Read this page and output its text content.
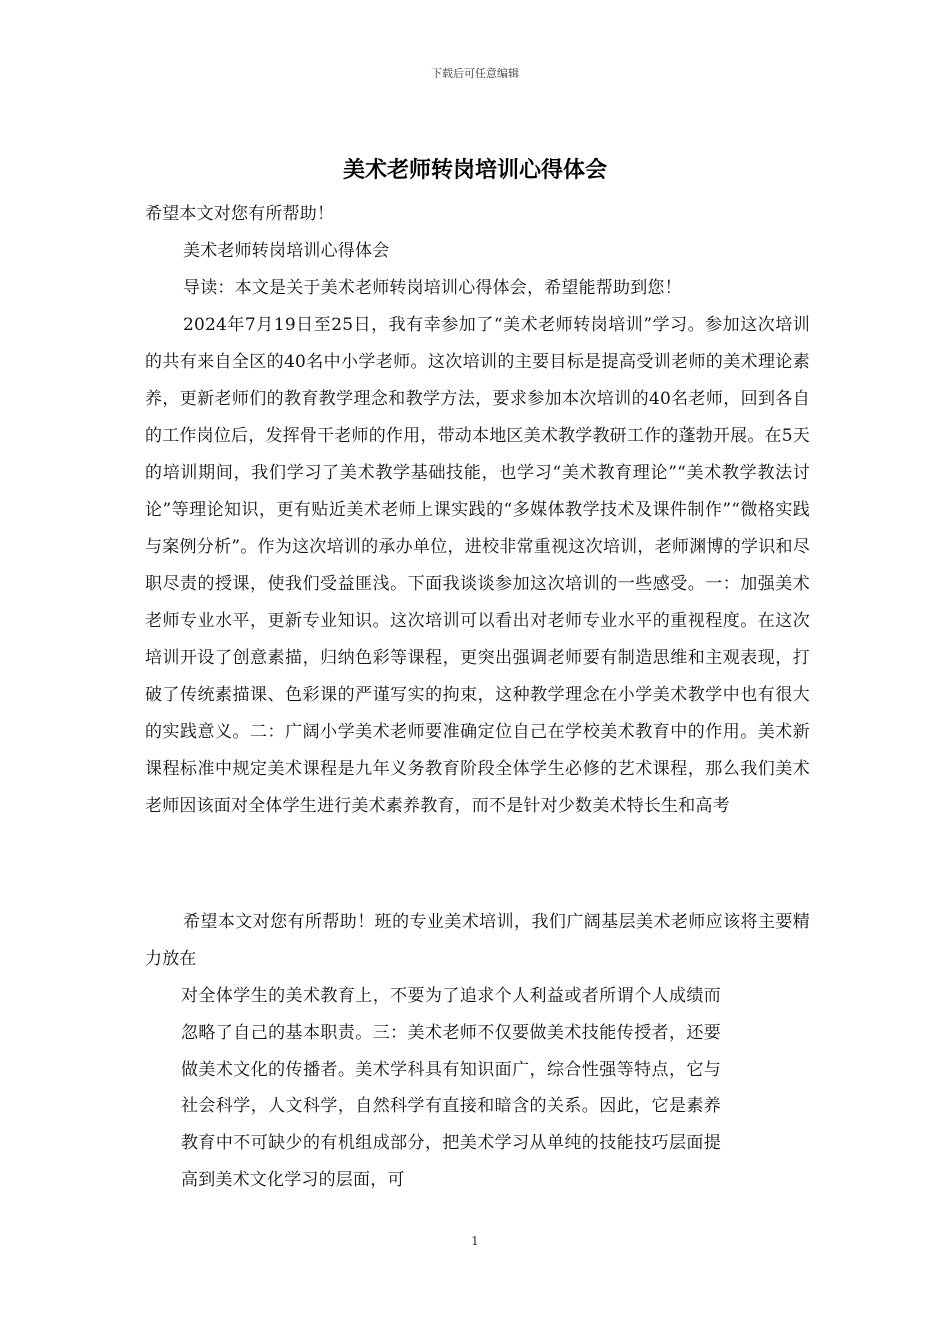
下载后可任意编辑
美术老师转岗培训心得体会

希望本文对您有所帮助！

美术老师转岗培训心得体会

导读：本文是关于美术老师转岗培训心得体会，希望能帮助到您！

2024年7月19日至25日，我有幸参加了“美术老师转岗培训”学习。参加这次培训的共有来自全区的40名中小学老师。这次培训的主要目标是提高受训老师的美术理论素养，更新老师们的教育教学理念和教学方法，要求参加本次培训的40名老师，回到各自的工作岗位后，发挥骨干老师的作用，带动本地区美术教学教研工作的蓬勃开展。在5天的培训期间，我们学习了美术教学基础技能，也学习“美术教育理论”“美术教学教法讨论”等理论知识，更有贴近美术老师上课实践的“多媒体教学技术及课件制作”“微格实践与案例分析”。作为这次培训的承办单位，进校非常重视这次培训，老师渊博的学识和尽职尽责的授课，使我们受益匪浅。下面我谈谈参加这次培训的一些感受。一：加强美术老师专业水平，更新专业知识。这次培训可以看出对老师专业水平的重视程度。在这次培训开设了创意素描，归纳色彩等课程，更突出强调老师要有制造思维和主观表现，打破了传统素描课、色彩课的严谨写实的拘束，这种教学理念在小学美术教学中也有很大的实践意义。二：广阔小学美术老师要准确定位自己在学校美术教育中的作用。美术新课程标准中规定美术课程是九年义务教育阶段全体学生必修的艺术课程，那么我们美术老师因该面对全体学生进行美术素养教育，而不是针对少数美术特长生和高考

希望本文对您有所帮助！班的专业美术培训，我们广阔基层美术老师应该将主要精力放在

对全体学生的美术教育上，不要为了追求个人利益或者所谓个人成绩而忽略了自己的基本职责。三：美术老师不仅要做美术技能传授者，还要做美术文化的传播者。美术学科具有知识面广，综合性强等特点，它与社会科学，人文科学，自然科学有直接和暗含的关系。因此，它是素养教育中不可缺少的有机组成部分，把美术学习从单纯的技能技巧层面提高到美术文化学习的层面，可

1
